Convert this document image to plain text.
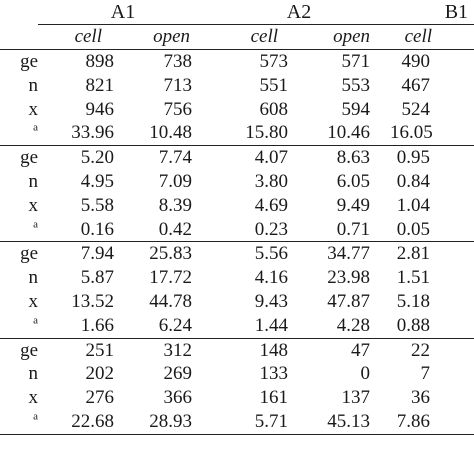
	A1		A2		B1
	cell	open	cell	open	cell
ge	898	738	573	571	490
n	821	713	551	553	467
x	946	756	608	594	524
$^a$	33.96	10.48	15.80	10.46	16.05
ge	5.20	7.74	4.07	8.63	0.95
n	4.95	7.09	3.80	6.05	0.84
x	5.58	8.39	4.69	9.49	1.04
$^a$	0.16	0.42	0.23	0.71	0.05
ge	7.94	25.83	5.56	34.77	2.81
n	5.87	17.72	4.16	23.98	1.51
x	13.52	44.78	9.43	47.87	5.18
$^a$	1.66	6.24	1.44	4.28	0.88
ge	251	312	148	47	22
n	202	269	133	0	7
x	276	366	161	137	36
$^a$	22.68	28.93	5.71	45.13	7.86
